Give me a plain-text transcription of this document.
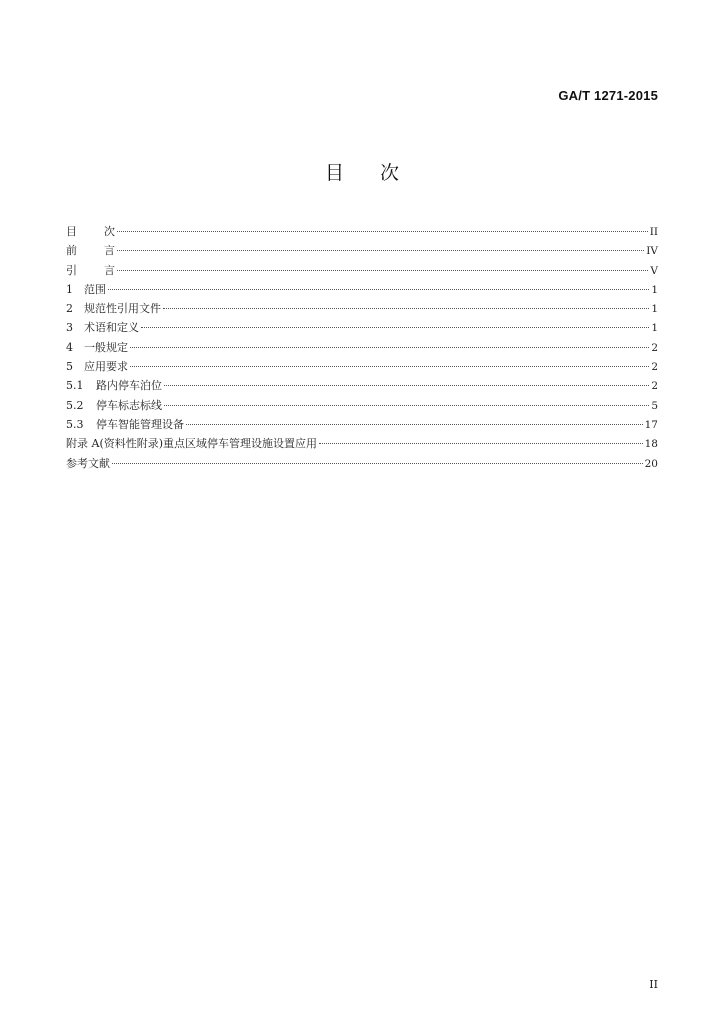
GA/T 1271-2015
目次
目 次	II
前 言	IV
引 言	V
1	范围	1
2	规范性引用文件	1
3	术语和定义	1
4	一般规定	2
5	应用要求	2
5.1	路内停车泊位	2
5.2	停车标志标线	5
5.3	停车智能管理设备	17
附录 A(资料性附录)重点区域停车管理设施设置应用	18
参考文献	20
II
